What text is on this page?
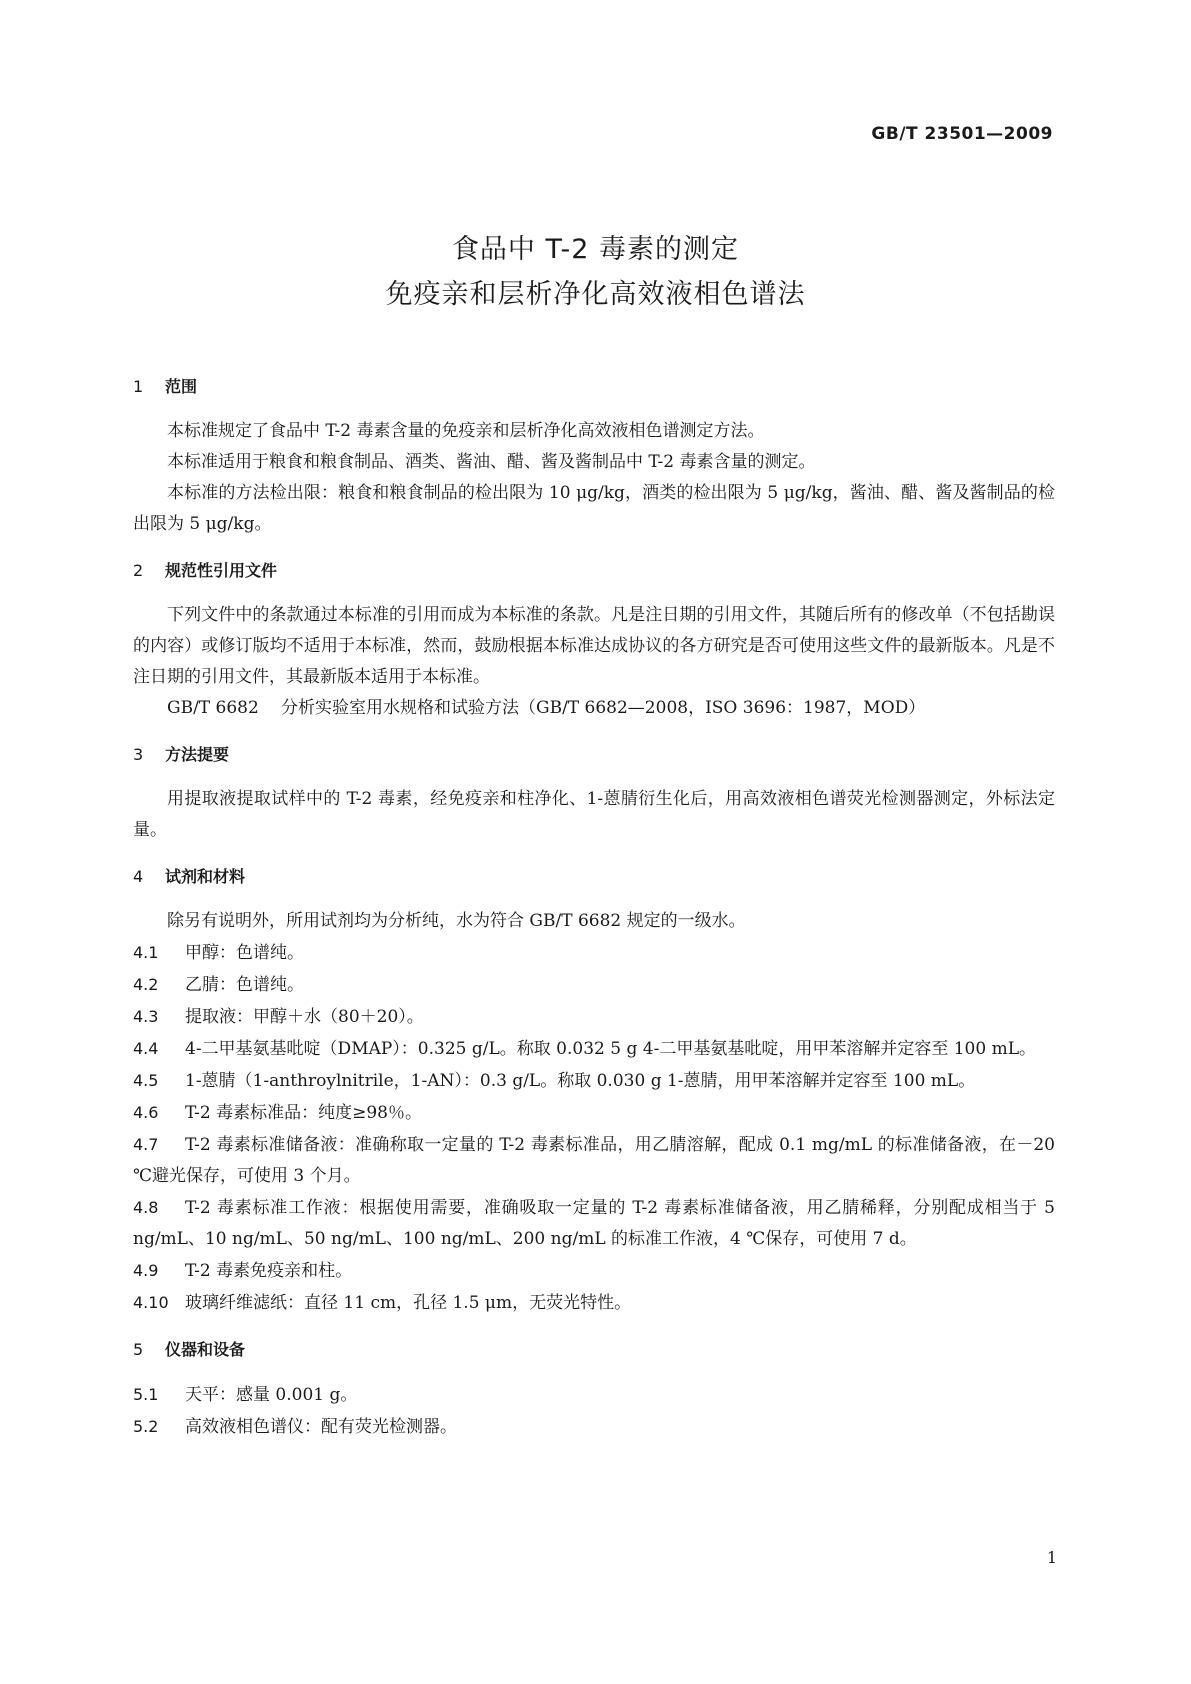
GB/T 23501—2009
食品中 T-2 毒素的测定
免疫亲和层析净化高效液相色谱法
1 范围

本标准规定了食品中 T-2 毒素含量的免疫亲和层析净化高效液相色谱测定方法。

本标准适用于粮食和粮食制品、酒类、酱油、醋、酱及酱制品中 T-2 毒素含量的测定。

本标准的方法检出限：粮食和粮食制品的检出限为 10 μg/kg，酒类的检出限为 5 μg/kg，酱油、醋、酱及酱制品的检出限为 5 μg/kg。

2 规范性引用文件

下列文件中的条款通过本标准的引用而成为本标准的条款。凡是注日期的引用文件，其随后所有的修改单（不包括勘误的内容）或修订版均不适用于本标准，然而，鼓励根据本标准达成协议的各方研究是否可使用这些文件的最新版本。凡是不注日期的引用文件，其最新版本适用于本标准。

GB/T 6682 分析实验室用水规格和试验方法（GB/T 6682—2008，ISO 3696：1987，MOD）

3 方法提要

用提取液提取试样中的 T-2 毒素，经免疫亲和柱净化、1-蒽腈衍生化后，用高效液相色谱荧光检测器测定，外标法定量。

4 试剂和材料

除另有说明外，所用试剂均为分析纯，水为符合 GB/T 6682 规定的一级水。

4.1 甲醇：色谱纯。

4.2 乙腈：色谱纯。

4.3 提取液：甲醇＋水（80＋20）。

4.4 4-二甲基氨基吡啶（DMAP）：0.325 g/L。称取 0.032 5 g 4-二甲基氨基吡啶，用甲苯溶解并定容至 100 mL。

4.5 1-蒽腈（1-anthroylnitrile，1-AN）：0.3 g/L。称取 0.030 g 1-蒽腈，用甲苯溶解并定容至 100 mL。

4.6 T-2 毒素标准品：纯度≥98％。

4.7 T-2 毒素标准储备液：准确称取一定量的 T-2 毒素标准品，用乙腈溶解，配成 0.1 mg/mL 的标准储备液，在－20 ℃避光保存，可使用 3 个月。

4.8 T-2 毒素标准工作液：根据使用需要，准确吸取一定量的 T-2 毒素标准储备液，用乙腈稀释，分别配成相当于 5 ng/mL、10 ng/mL、50 ng/mL、100 ng/mL、200 ng/mL 的标准工作液，4 ℃保存，可使用 7 d。

4.9 T-2 毒素免疫亲和柱。

4.10 玻璃纤维滤纸：直径 11 cm，孔径 1.5 μm，无荧光特性。

5 仪器和设备

5.1 天平：感量 0.001 g。

5.2 高效液相色谱仪：配有荧光检测器。

1
